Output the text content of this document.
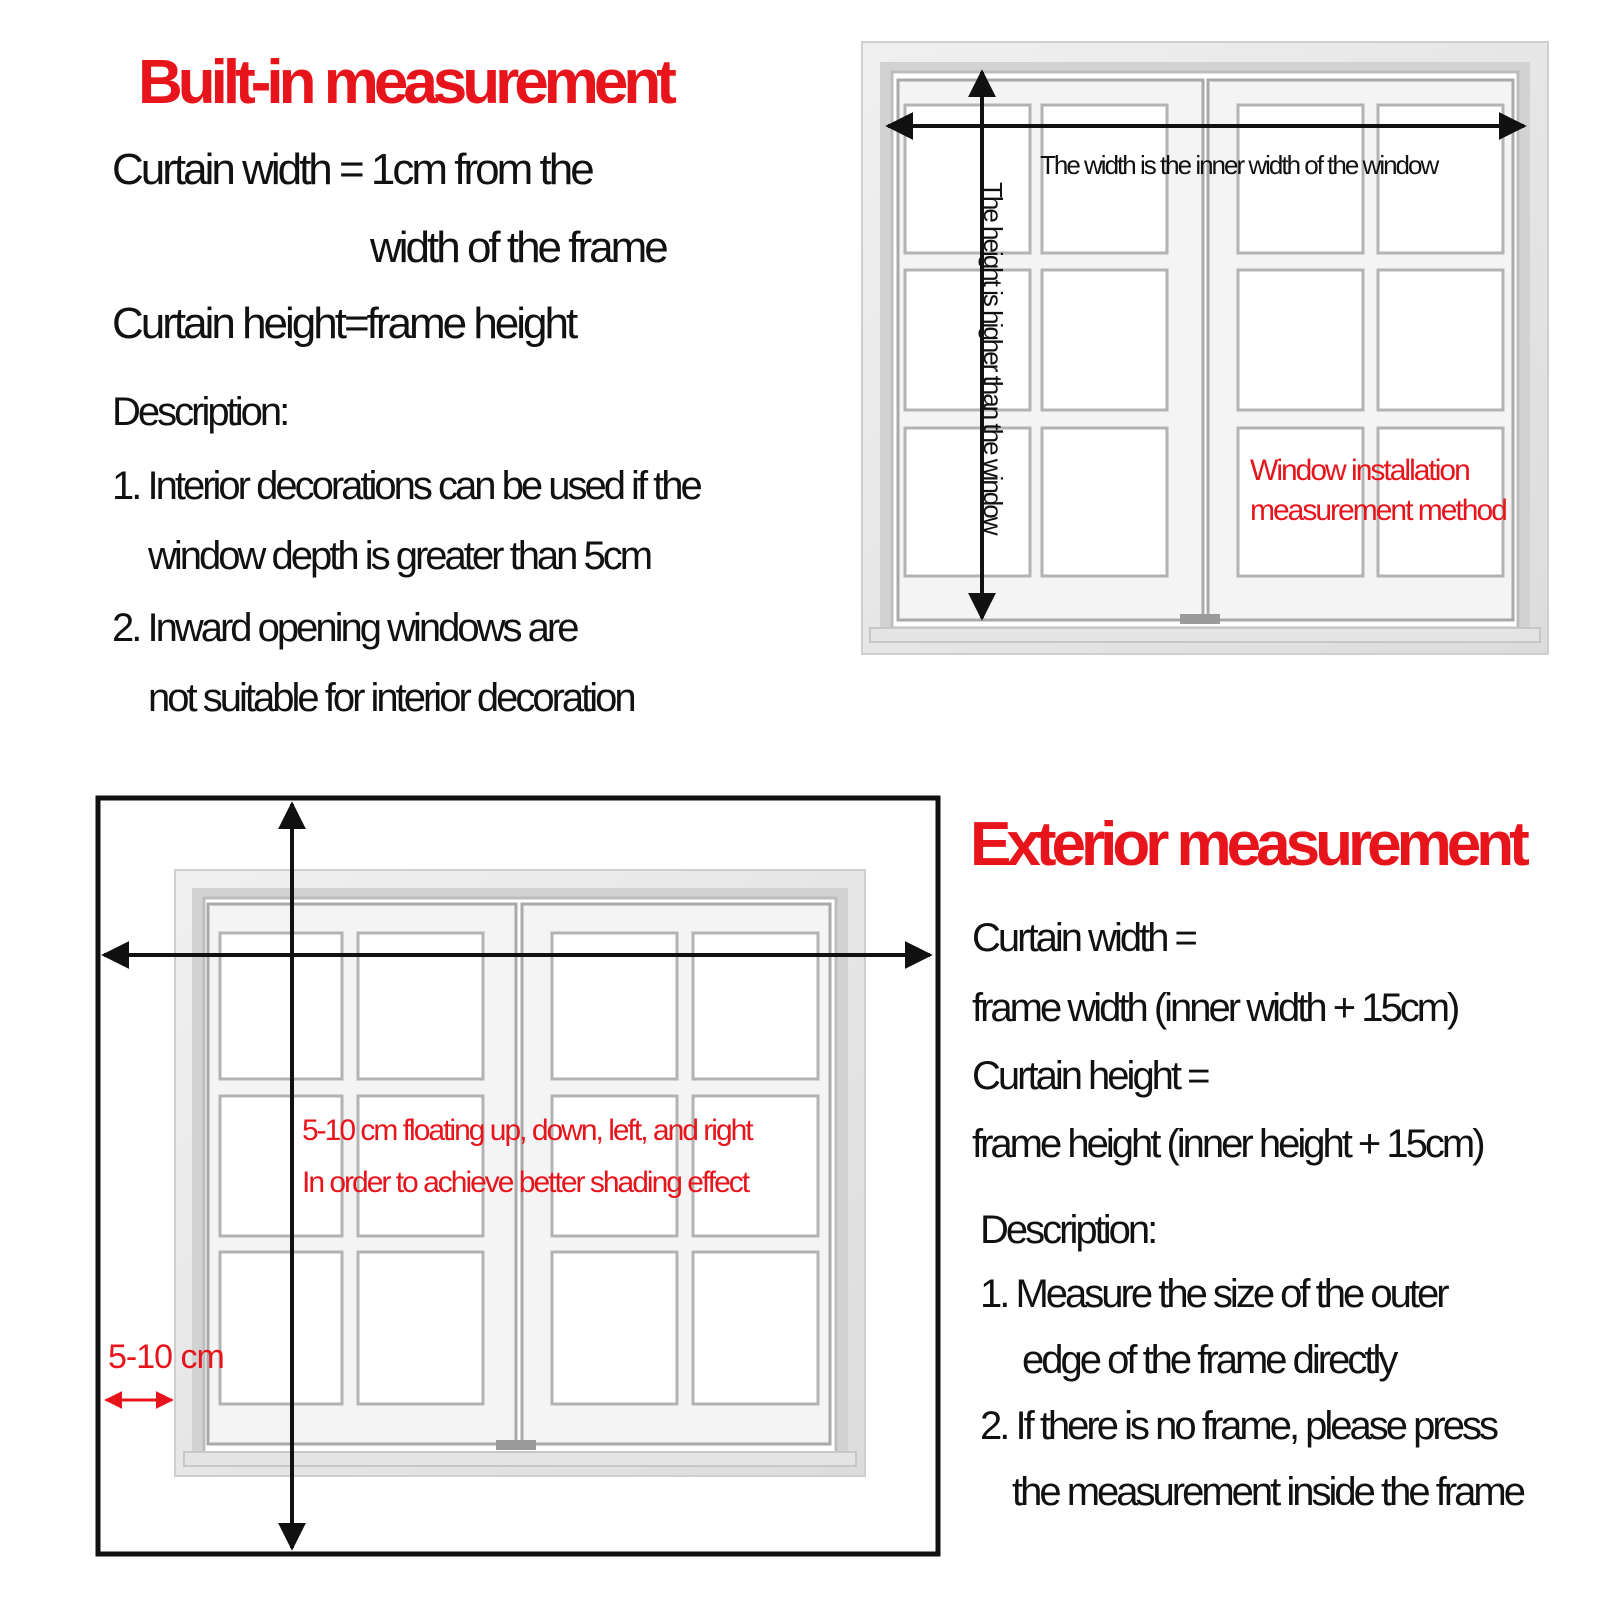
Built-in measurement

Curtain width = 1cm from the

width of the frame

Curtain height=frame height

Description:

1. Interior decorations can be used if the

window depth is greater than 5cm

2. Inward opening windows are

not suitable for interior decoration

The width is the inner width of the window

The height is higher than the window	Window installation

measurement method

Exterior measurement

Curtain width =

frame width (inner width + 15cm)

Curtain height =

frame height (inner height + 15cm)

Description:

1. Measure the size of the outer

edge of the frame directly

2. If there is no frame, please press

the measurement inside the frame

5-10 cm floating up, down, left, and right

In order to achieve better shading effect

5-10 cm
